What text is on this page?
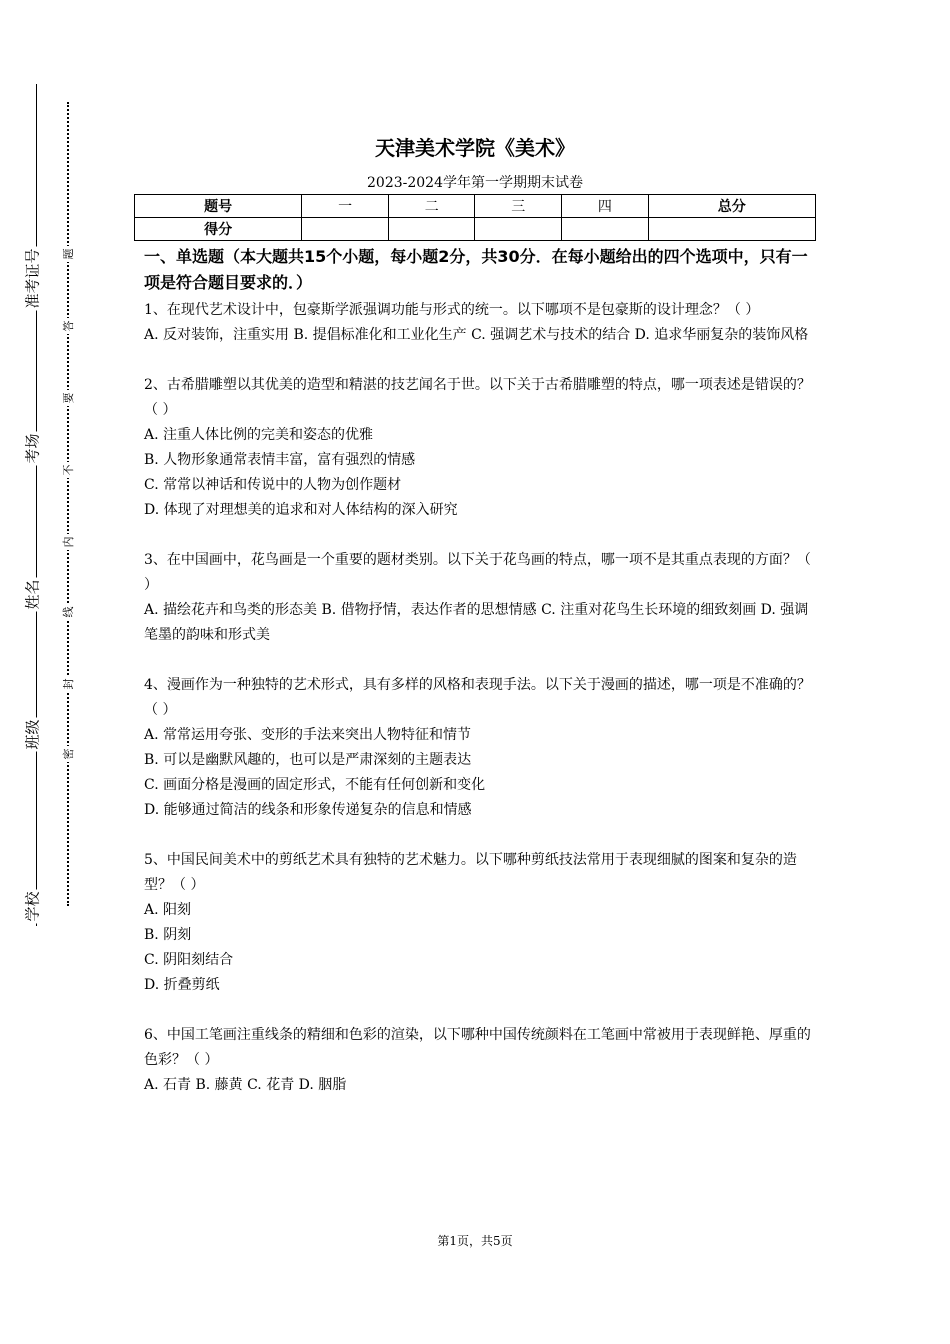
准考证号
考场
姓名
班级
学校
题
答
要
不
内
线
封
密
天津美术学院《美术》
2023-2024学年第一学期期末试卷
题号	一	二	三	四	总分
得分					

一、单选题（本大题共15个小题，每小题2分，共30分．在每小题给出的四个选项中，只有一项是符合题目要求的．）

1、在现代艺术设计中，包豪斯学派强调功能与形式的统一。以下哪项不是包豪斯的设计理念？（ ）

A. 反对装饰，注重实用 B. 提倡标准化和工业化生产 C. 强调艺术与技术的结合 D. 追求华丽复杂的装饰风格

2、古希腊雕塑以其优美的造型和精湛的技艺闻名于世。以下关于古希腊雕塑的特点，哪一项表述是错误的？（ ）

A. 注重人体比例的完美和姿态的优雅

B. 人物形象通常表情丰富，富有强烈的情感

C. 常常以神话和传说中的人物为创作题材

D. 体现了对理想美的追求和对人体结构的深入研究

3、在中国画中，花鸟画是一个重要的题材类别。以下关于花鸟画的特点，哪一项不是其重点表现的方面？（ ）

A. 描绘花卉和鸟类的形态美 B. 借物抒情，表达作者的思想情感 C. 注重对花鸟生长环境的细致刻画 D. 强调笔墨的韵味和形式美

4、漫画作为一种独特的艺术形式，具有多样的风格和表现手法。以下关于漫画的描述，哪一项是不准确的？（ ）

A. 常常运用夸张、变形的手法来突出人物特征和情节

B. 可以是幽默风趣的，也可以是严肃深刻的主题表达

C. 画面分格是漫画的固定形式，不能有任何创新和变化

D. 能够通过简洁的线条和形象传递复杂的信息和情感

5、中国民间美术中的剪纸艺术具有独特的艺术魅力。以下哪种剪纸技法常用于表现细腻的图案和复杂的造型？（ ）

A. 阳刻

B. 阴刻

C. 阴阳刻结合

D. 折叠剪纸

6、中国工笔画注重线条的精细和色彩的渲染，以下哪种中国传统颜料在工笔画中常被用于表现鲜艳、厚重的色彩？（ ）

A. 石青 B. 藤黄 C. 花青 D. 胭脂

第1页，共5页
